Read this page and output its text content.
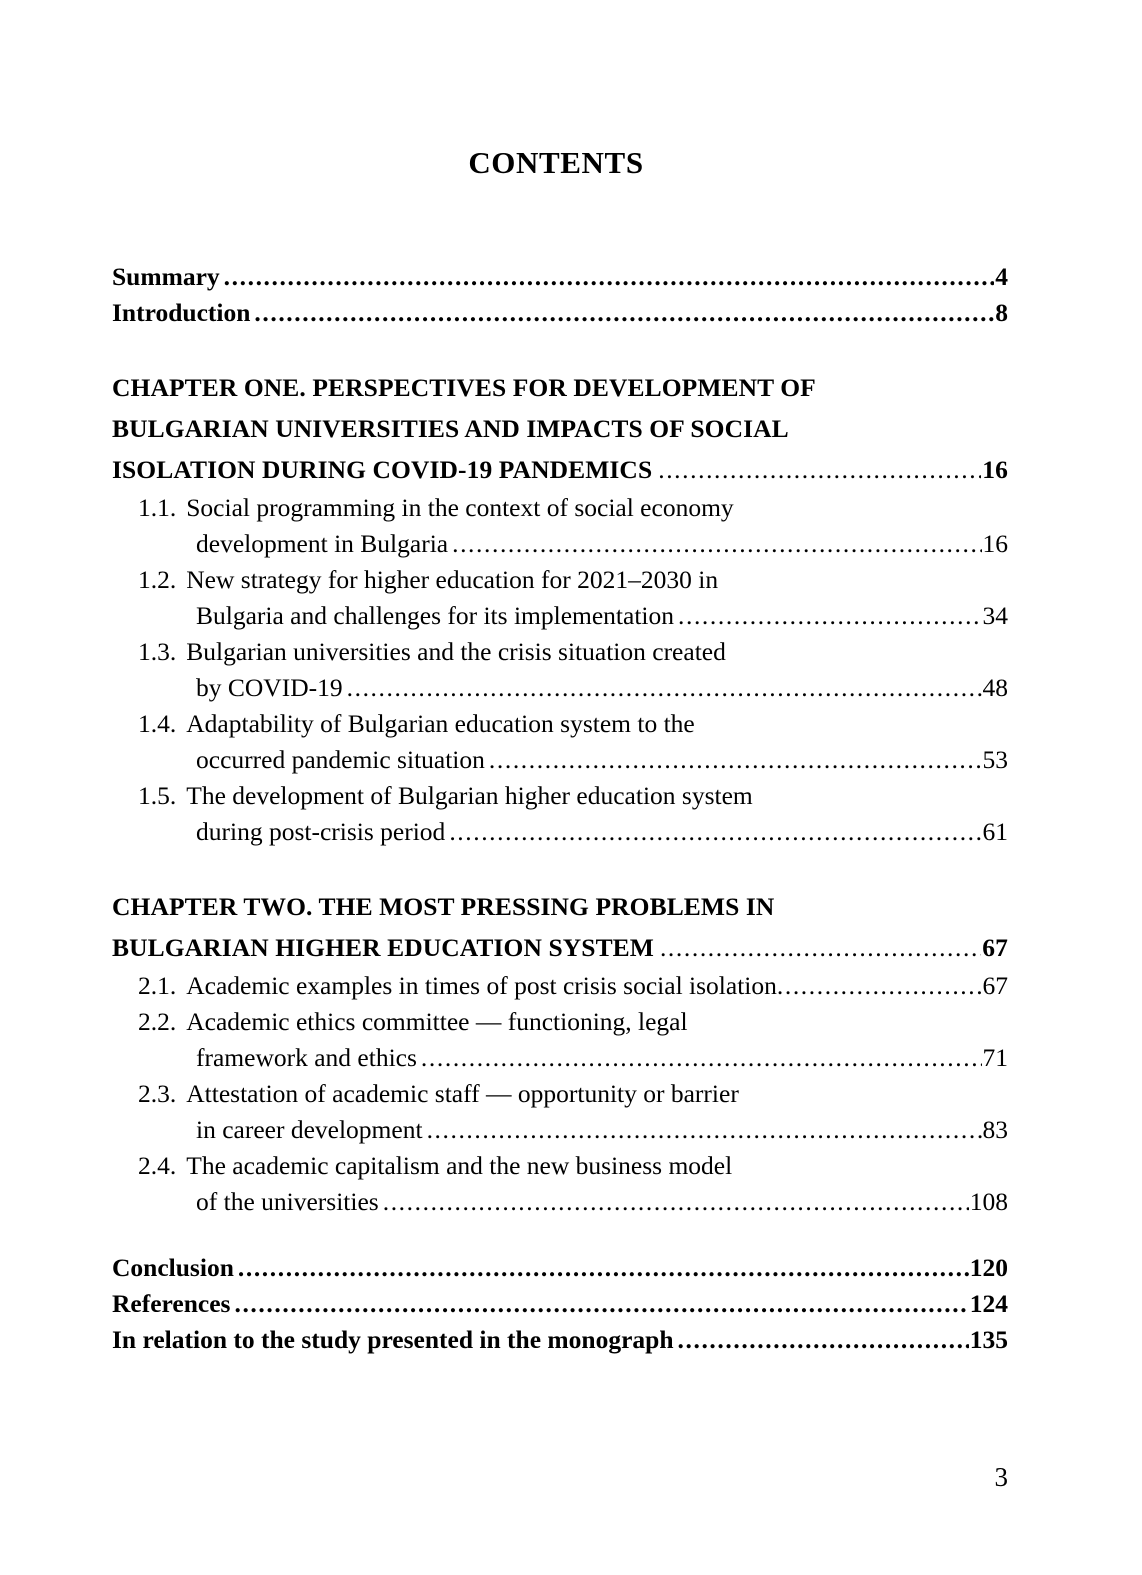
CONTENTS
Summary .....	4
Introduction .....	8
CHAPTER ONE. PERSPECTIVES FOR DEVELOPMENT OF
BULGARIAN UNIVERSITIES AND IMPACTS OF SOCIAL
ISOLATION DURING COVID-19 PANDEMICS .....	16
1.1. Social programming in the context of social economy
development in Bulgaria .....	16
1.2. New strategy for higher education for 2021–2030 in
Bulgaria and challenges for its implementation .....	34
1.3. Bulgarian universities and the crisis situation created
by COVID-19 .....	48
1.4. Adaptability of Bulgarian education system to the
occurred pandemic situation .....	53
1.5. The development of Bulgarian higher education system
during post-crisis period .....	61
CHAPTER TWO. THE MOST PRESSING PROBLEMS IN
BULGARIAN HIGHER EDUCATION SYSTEM .....	67
2.1. Academic examples in times of post crisis social isolation .....	67
2.2. Academic ethics committee — functioning, legal
framework and ethics .....	71
2.3. Attestation of academic staff — opportunity or barrier
in career development .....	83
2.4. The academic capitalism and the new business model
of the universities .....	108
Conclusion .....	120
References .....	124
In relation to the study presented in the monograph .....	135
3
